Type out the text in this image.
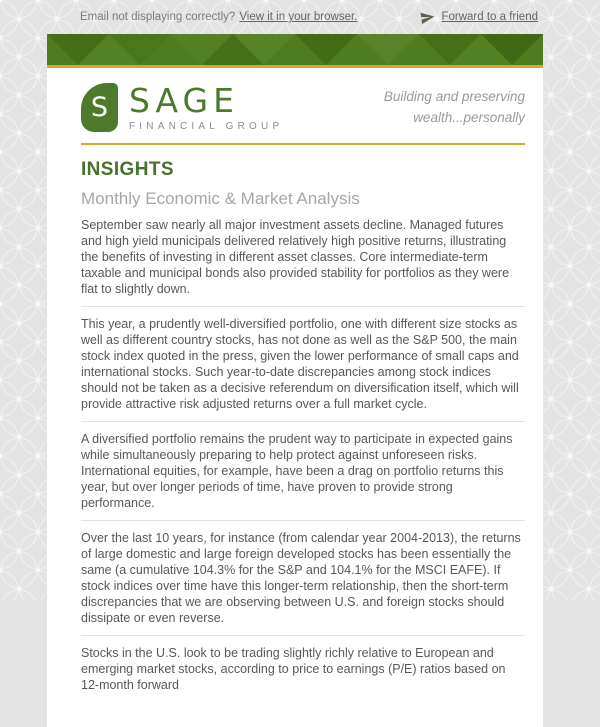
Email not displaying correctly? View it in your browser.	Forward to a friend
S SAGE
FINANCIAL GROUP
Building and preserving
wealth...personally
INSIGHTS
Monthly Economic & Market Analysis

September saw nearly all major investment assets decline. Managed futures and high yield municipals delivered relatively high positive returns, illustrating the benefits of investing in different asset classes. Core intermediate-term taxable and municipal bonds also provided stability for portfolios as they were flat to slightly down.

This year, a prudently well-diversified portfolio, one with different size stocks as well as different country stocks, has not done as well as the S&P 500, the main stock index quoted in the press, given the lower performance of small caps and international stocks. Such year-to-date discrepancies among stock indices should not be taken as a decisive referendum on diversification itself, which will provide attractive risk adjusted returns over a full market cycle.

A diversified portfolio remains the prudent way to participate in expected gains while simultaneously preparing to help protect against unforeseen risks. International equities, for example, have been a drag on portfolio returns this year, but over longer periods of time, have proven to provide strong performance.

Over the last 10 years, for instance (from calendar year 2004-2013), the returns of large domestic and large foreign developed stocks has been essentially the same (a cumulative 104.3% for the S&P and 104.1% for the MSCI EAFE). If stock indices over time have this longer-term relationship, then the short-term discrepancies that we are observing between U.S. and foreign stocks should dissipate or even reverse.

Stocks in the U.S. look to be trading slightly richly relative to European and emerging market stocks, according to price to earnings (P/E) ratios based on 12-month forward
